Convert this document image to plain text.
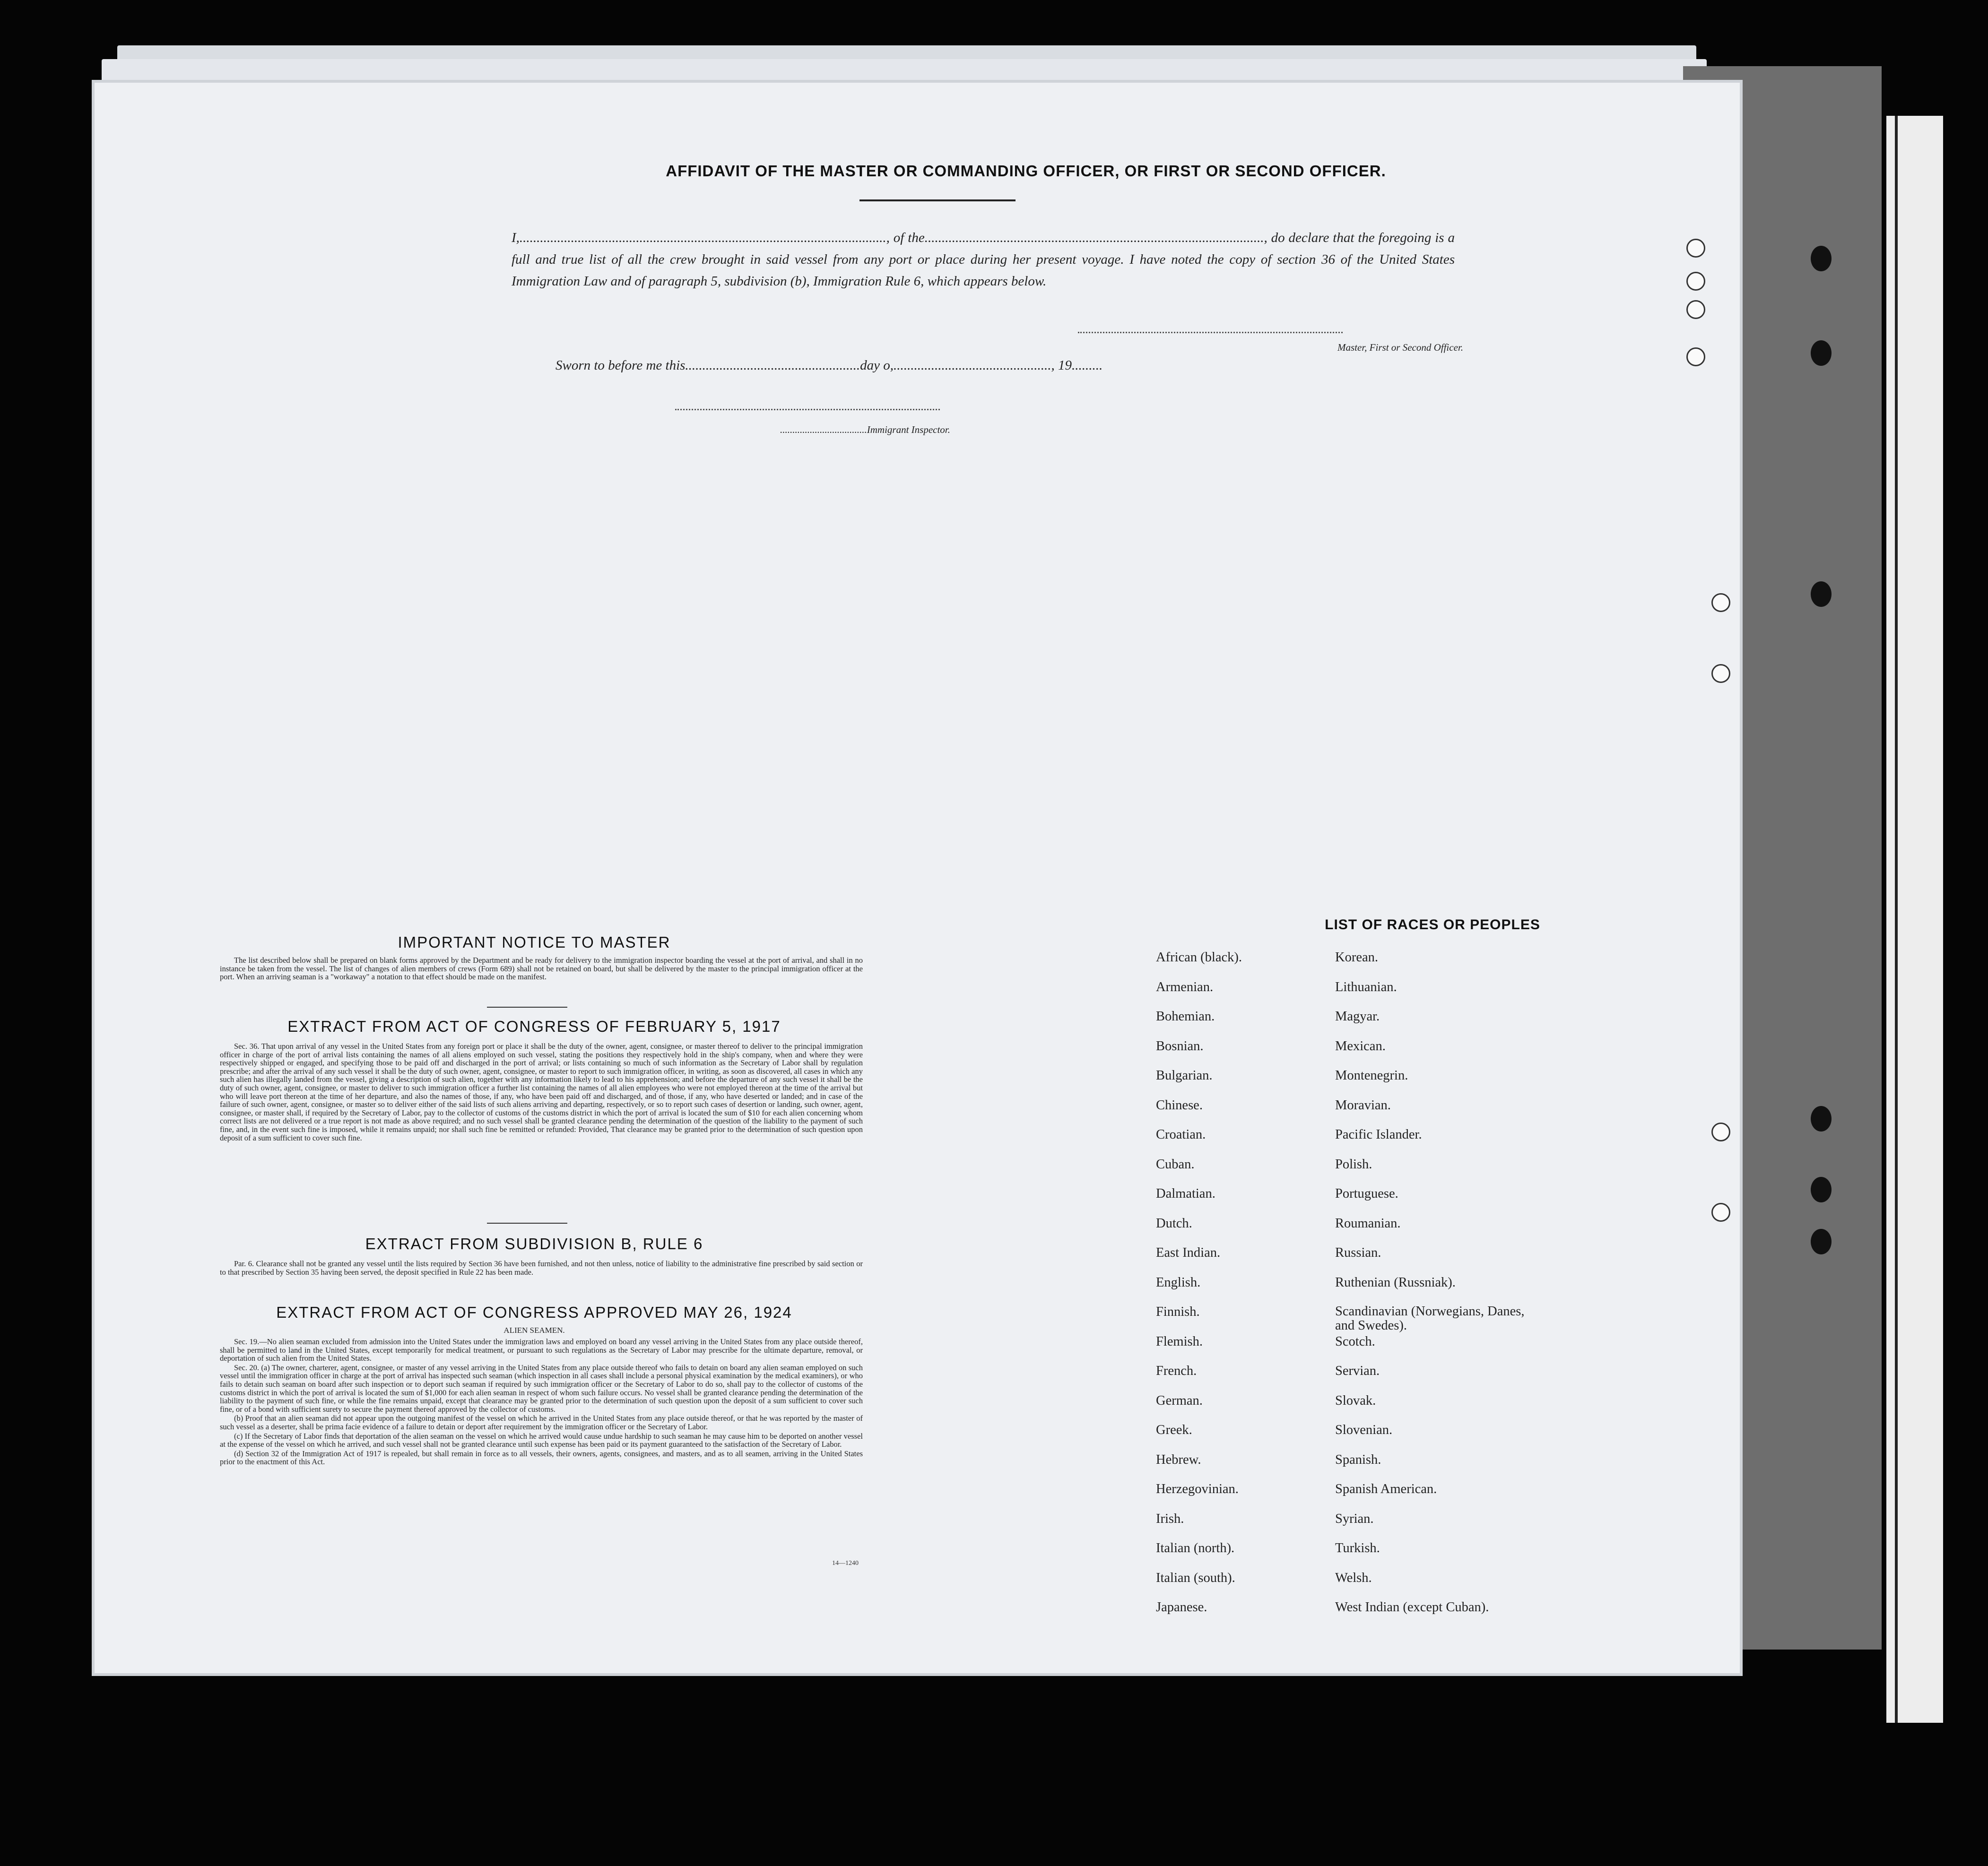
AFFIDAVIT OF THE MASTER OR COMMANDING OFFICER, OR FIRST OR SECOND OFFICER.

I,..........................................................................................................., of the..................................................................................................., do declare that the foregoing is a full and true list of all the crew brought in said vessel from any port or place during her present voyage. I have noted the copy of section 36 of the United States Immigration Law and of paragraph 5, subdivision (b), Immigration Rule 6, which appears below.

Master, First or Second Officer.
Sworn to before me this...................................................day o,.............................................., 19.........
...................................Immigrant Inspector.
IMPORTANT NOTICE TO MASTER

The list described below shall be prepared on blank forms approved by the Department and be ready for delivery to the immigration inspector boarding the vessel at the port of arrival, and shall in no instance be taken from the vessel. The list of changes of alien members of crews (Form 689) shall not be retained on board, but shall be delivered by the master to the principal immigration officer at the port. When an arriving seaman is a "workaway" a notation to that effect should be made on the manifest.

EXTRACT FROM ACT OF CONGRESS OF FEBRUARY 5, 1917

Sec. 36. That upon arrival of any vessel in the United States from any foreign port or place it shall be the duty of the owner, agent, consignee, or master thereof to deliver to the principal immigration officer in charge of the port of arrival lists containing the names of all aliens employed on such vessel, stating the positions they respectively hold in the ship's company, when and where they were respectively shipped or engaged, and specifying those to be paid off and discharged in the port of arrival; or lists containing so much of such information as the Secretary of Labor shall by regulation prescribe; and after the arrival of any such vessel it shall be the duty of such owner, agent, consignee, or master to report to such immigration officer, in writing, as soon as discovered, all cases in which any such alien has illegally landed from the vessel, giving a description of such alien, together with any information likely to lead to his apprehension; and before the departure of any such vessel it shall be the duty of such owner, agent, consignee, or master to deliver to such immigration officer a further list containing the names of all alien employees who were not employed thereon at the time of the arrival but who will leave port thereon at the time of her departure, and also the names of those, if any, who have been paid off and discharged, and of those, if any, who have deserted or landed; and in case of the failure of such owner, agent, consignee, or master so to deliver either of the said lists of such aliens arriving and departing, respectively, or so to report such cases of desertion or landing, such owner, agent, consignee, or master shall, if required by the Secretary of Labor, pay to the collector of customs of the customs district in which the port of arrival is located the sum of $10 for each alien concerning whom correct lists are not delivered or a true report is not made as above required; and no such vessel shall be granted clearance pending the determination of the question of the liability to the payment of such fine, and, in the event such fine is imposed, while it remains unpaid; nor shall such fine be remitted or refunded: Provided, That clearance may be granted prior to the determination of such question upon deposit of a sum sufficient to cover such fine.

EXTRACT FROM SUBDIVISION B, RULE 6

Par. 6. Clearance shall not be granted any vessel until the lists required by Section 36 have been furnished, and not then unless, notice of liability to the administrative fine prescribed by said section or to that prescribed by Section 35 having been served, the deposit specified in Rule 22 has been made.

EXTRACT FROM ACT OF CONGRESS APPROVED MAY 26, 1924
ALIEN SEAMEN.

Sec. 19.—No alien seaman excluded from admission into the United States under the immigration laws and employed on board any vessel arriving in the United States from any place outside thereof, shall be permitted to land in the United States, except temporarily for medical treatment, or pursuant to such regulations as the Secretary of Labor may prescribe for the ultimate departure, removal, or deportation of such alien from the United States.

Sec. 20. (a) The owner, charterer, agent, consignee, or master of any vessel arriving in the United States from any place outside thereof who fails to detain on board any alien seaman employed on such vessel until the immigration officer in charge at the port of arrival has inspected such seaman (which inspection in all cases shall include a personal physical examination by the medical examiners), or who fails to detain such seaman on board after such inspection or to deport such seaman if required by such immigration officer or the Secretary of Labor to do so, shall pay to the collector of customs of the customs district in which the port of arrival is located the sum of $1,000 for each alien seaman in respect of whom such failure occurs. No vessel shall be granted clearance pending the determination of the liability to the payment of such fine, or while the fine remains unpaid, except that clearance may be granted prior to the determination of such question upon the deposit of a sum sufficient to cover such fine, or of a bond with sufficient surety to secure the payment thereof approved by the collector of customs.

(b) Proof that an alien seaman did not appear upon the outgoing manifest of the vessel on which he arrived in the United States from any place outside thereof, or that he was reported by the master of such vessel as a deserter, shall be prima facie evidence of a failure to detain or deport after requirement by the immigration officer or the Secretary of Labor.

(c) If the Secretary of Labor finds that deportation of the alien seaman on the vessel on which he arrived would cause undue hardship to such seaman he may cause him to be deported on another vessel at the expense of the vessel on which he arrived, and such vessel shall not be granted clearance until such expense has been paid or its payment guaranteed to the satisfaction of the Secretary of Labor.

(d) Section 32 of the Immigration Act of 1917 is repealed, but shall remain in force as to all vessels, their owners, agents, consignees, and masters, and as to all seamen, arriving in the United States prior to the enactment of this Act.

14—1240
LIST OF RACES OR PEOPLES
African (black).
Armenian.
Bohemian.
Bosnian.
Bulgarian.
Chinese.
Croatian.
Cuban.
Dalmatian.
Dutch.
East Indian.
English.
Finnish.
Flemish.
French.
German.
Greek.
Hebrew.
Herzegovinian.
Irish.
Italian (north).
Italian (south).
Japanese.
Korean.
Lithuanian.
Magyar.
Mexican.
Montenegrin.
Moravian.
Pacific Islander.
Polish.
Portuguese.
Roumanian.
Russian.
Ruthenian (Russniak).
Scandinavian (Norwegians, Danes, and Swedes).
Scotch.
Servian.
Slovak.
Slovenian.
Spanish.
Spanish American.
Syrian.
Turkish.
Welsh.
West Indian (except Cuban).
